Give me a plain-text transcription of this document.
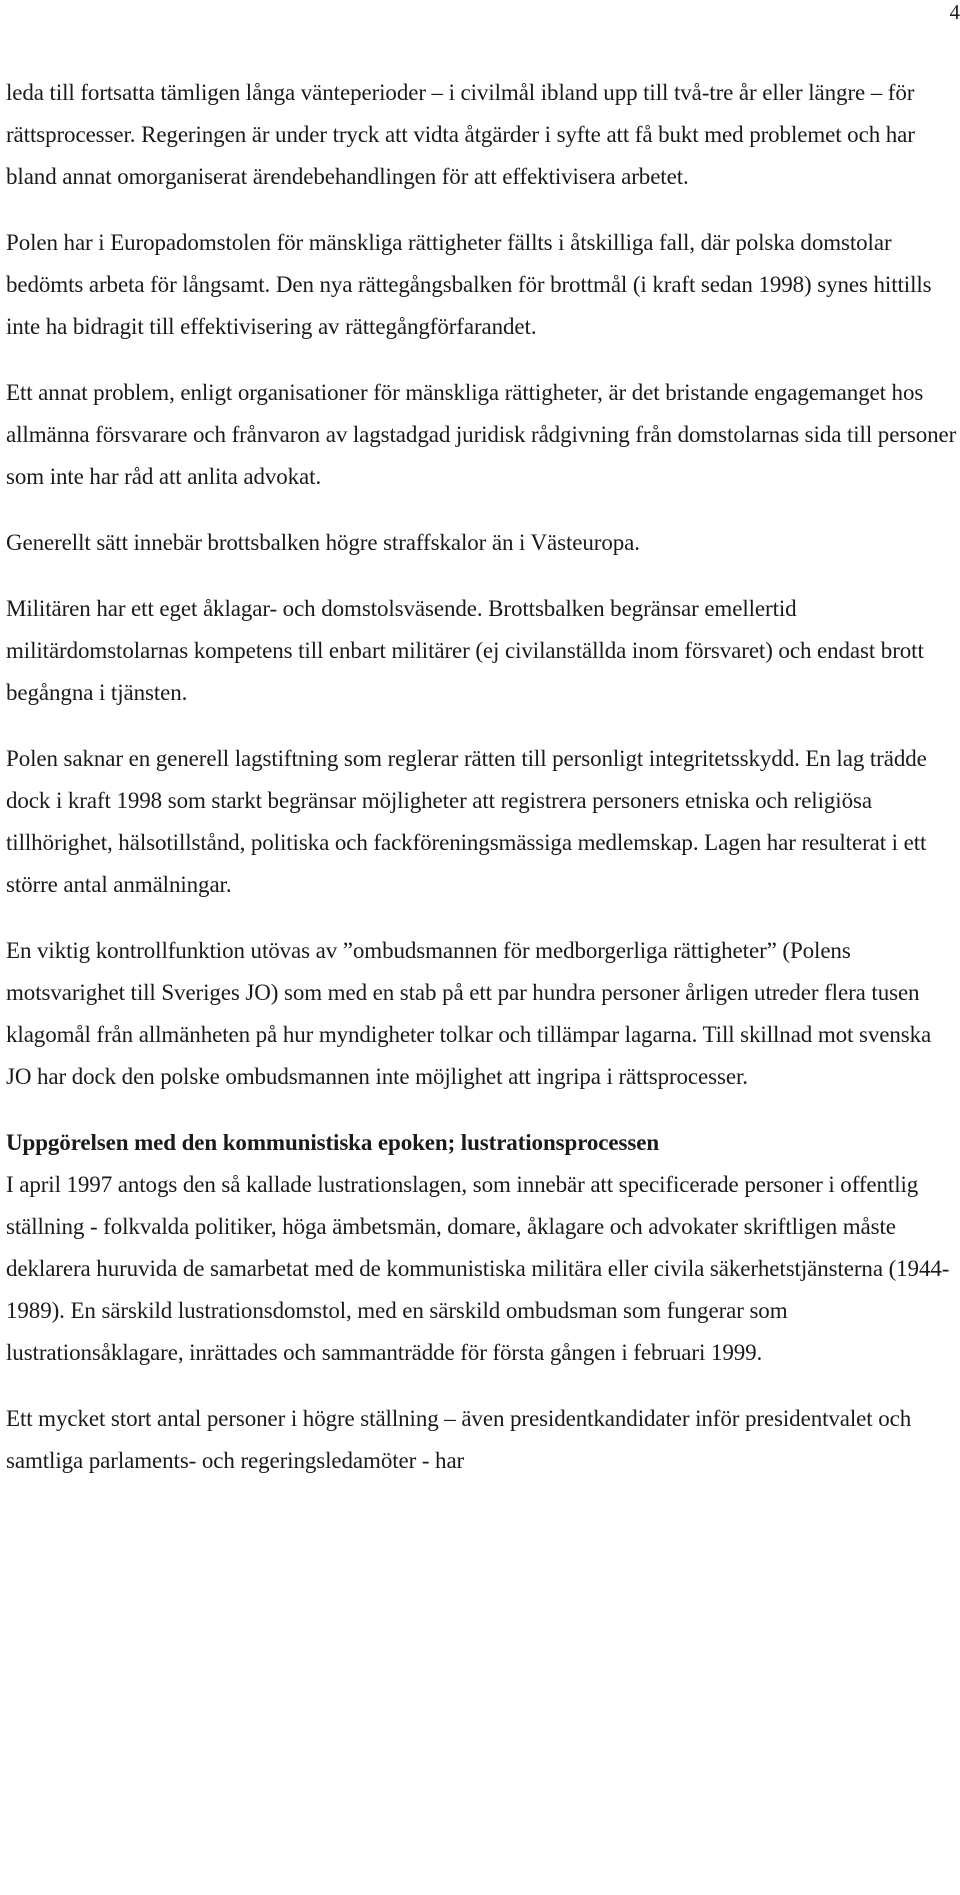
4

leda till fortsatta tämligen långa vänteperioder – i civilmål ibland upp till två-tre år eller längre – för rättsprocesser. Regeringen är under tryck att vidta åtgärder i syfte att få bukt med problemet och har bland annat omorganiserat ärendebehandlingen för att effektivisera arbetet.

Polen har i Europadomstolen för mänskliga rättigheter fällts i åtskilliga fall, där polska domstolar bedömts arbeta för långsamt. Den nya rättegångsbalken för brottmål (i kraft sedan 1998) synes hittills inte ha bidragit till effektivisering av rättegångförfarandet.

Ett annat problem, enligt organisationer för mänskliga rättigheter, är det bristande engagemanget hos allmänna försvarare och frånvaron av lagstadgad juridisk rådgivning från domstolarnas sida till personer som inte har råd att anlita advokat.

Generellt sätt innebär brottsbalken högre straffskalor än i Västeuropa.

Militären har ett eget åklagar- och domstolsväsende. Brottsbalken begränsar emellertid militärdomstolarnas kompetens till enbart militärer (ej civilanställda inom försvaret) och endast brott begångna i tjänsten.

Polen saknar en generell lagstiftning som reglerar rätten till personligt integritetsskydd. En lag trädde dock i kraft 1998 som starkt begränsar möjligheter att registrera personers etniska och religiösa tillhörighet, hälsotillstånd, politiska och fackföreningsmässiga medlemskap. Lagen har resulterat i ett större antal anmälningar.

En viktig kontrollfunktion utövas av ”ombudsmannen för medborgerliga rättigheter” (Polens motsvarighet till Sveriges JO) som med en stab på ett par hundra personer årligen utreder flera tusen klagomål från allmänheten på hur myndigheter tolkar och tillämpar lagarna. Till skillnad mot svenska JO har dock den polske ombudsmannen inte möjlighet att ingripa i rättsprocesser.

Uppgörelsen med den kommunistiska epoken; lustrationsprocessen

I april 1997 antogs den så kallade lustrationslagen, som innebär att specificerade personer i offentlig ställning - folkvalda politiker, höga ämbetsmän, domare, åklagare och advokater skriftligen måste deklarera huruvida de samarbetat med de kommunistiska militära eller civila säkerhetstjänsterna (1944-1989). En särskild lustrationsdomstol, med en särskild ombudsman som fungerar som lustrationsåklagare, inrättades och sammanträdde för första gången i februari 1999.

Ett mycket stort antal personer i högre ställning – även presidentkandidater inför presidentvalet och samtliga parlaments- och regeringsledamöter - har
